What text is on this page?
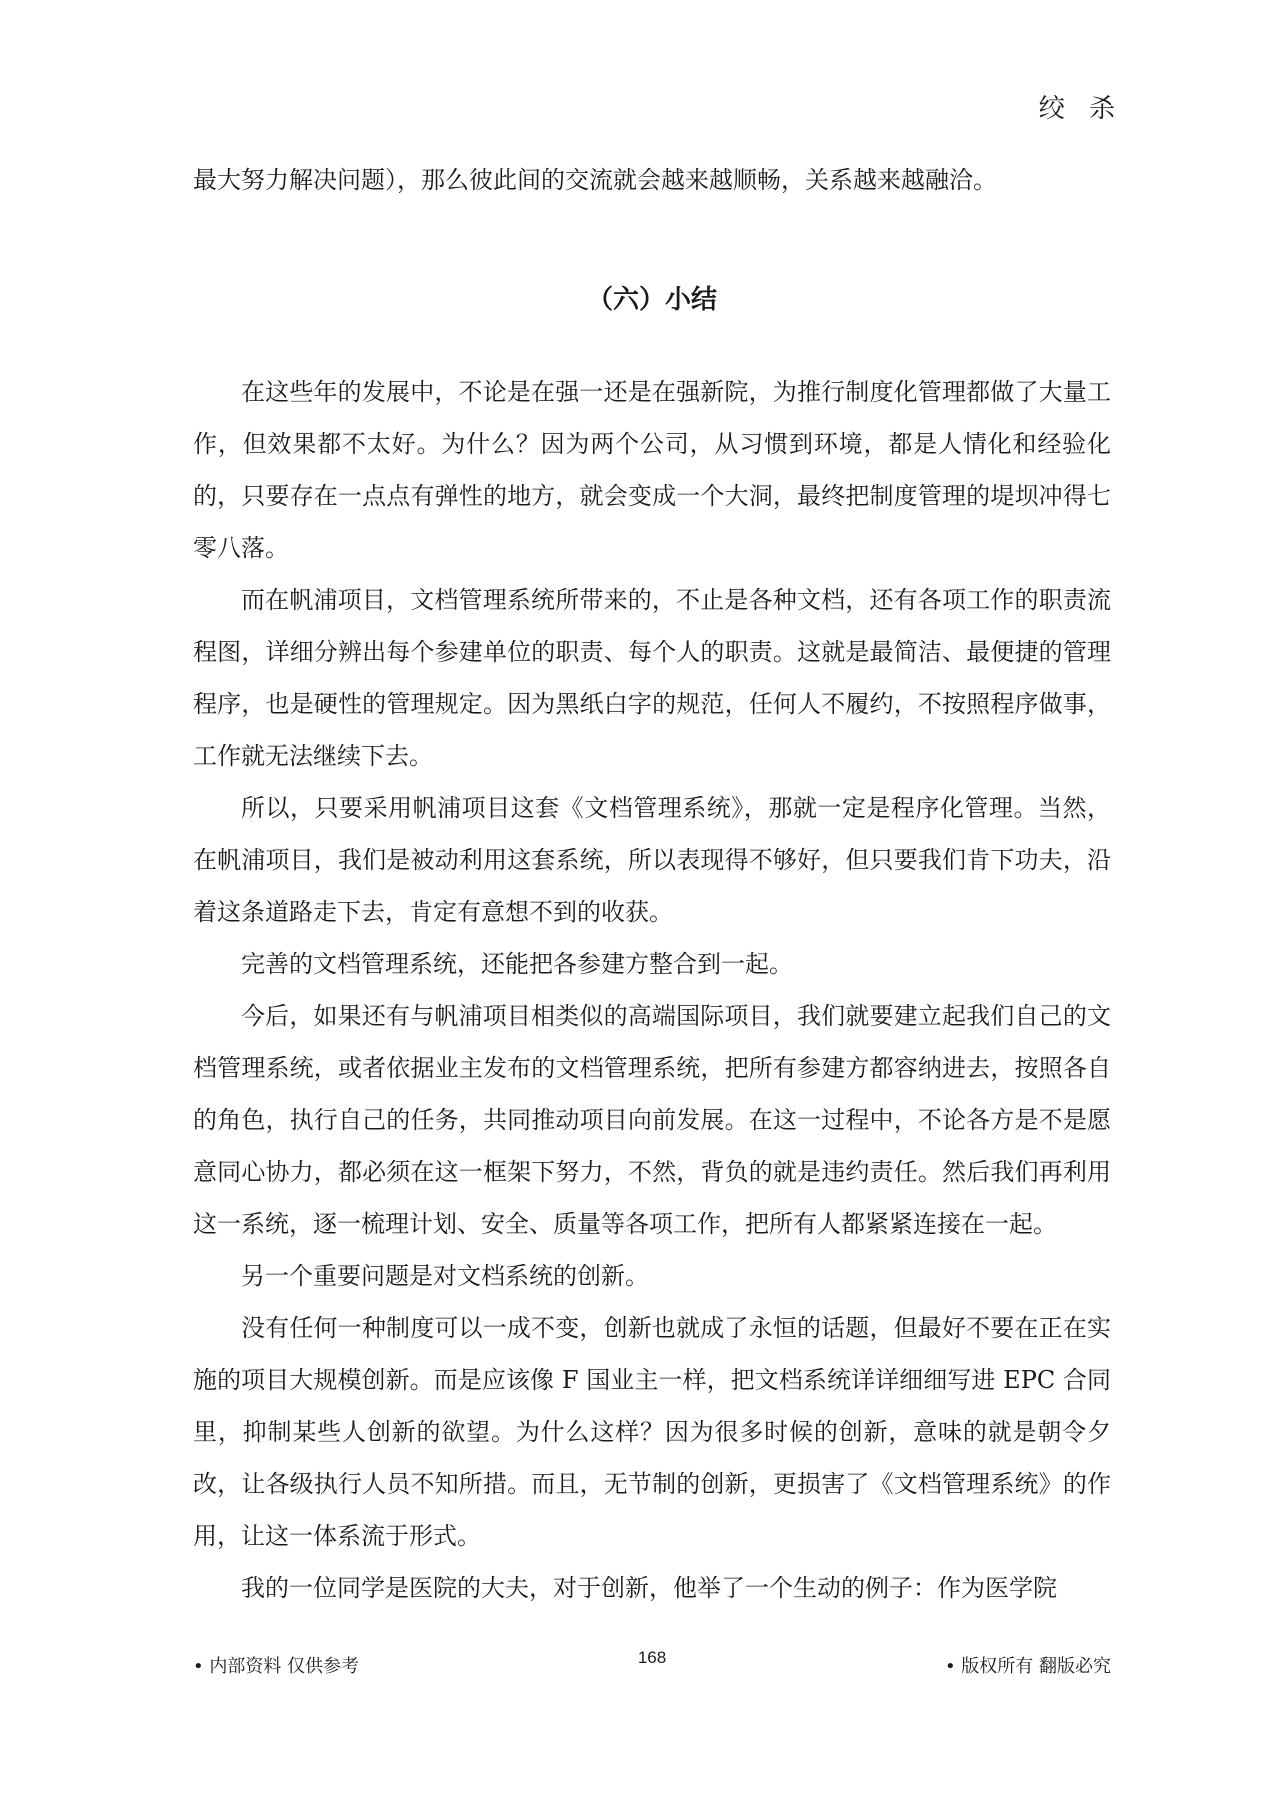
绞 杀

最大努力解决问题），那么彼此间的交流就会越来越顺畅，关系越来越融洽。

（六）小结

在这些年的发展中，不论是在强一还是在强新院，为推行制度化管理都做了大量工作，但效果都不太好。为什么？因为两个公司，从习惯到环境，都是人情化和经验化的，只要存在一点点有弹性的地方，就会变成一个大洞，最终把制度管理的堤坝冲得七零八落。

而在帆浦项目，文档管理系统所带来的，不止是各种文档，还有各项工作的职责流程图，详细分辨出每个参建单位的职责、每个人的职责。这就是最简洁、最便捷的管理程序，也是硬性的管理规定。因为黑纸白字的规范，任何人不履约，不按照程序做事，工作就无法继续下去。

所以，只要采用帆浦项目这套《文档管理系统》，那就一定是程序化管理。当然，在帆浦项目，我们是被动利用这套系统，所以表现得不够好，但只要我们肯下功夫，沿着这条道路走下去，肯定有意想不到的收获。

完善的文档管理系统，还能把各参建方整合到一起。

今后，如果还有与帆浦项目相类似的高端国际项目，我们就要建立起我们自己的文档管理系统，或者依据业主发布的文档管理系统，把所有参建方都容纳进去，按照各自的角色，执行自己的任务，共同推动项目向前发展。在这一过程中，不论各方是不是愿意同心协力，都必须在这一框架下努力，不然，背负的就是违约责任。然后我们再利用这一系统，逐一梳理计划、安全、质量等各项工作，把所有人都紧紧连接在一起。

另一个重要问题是对文档系统的创新。

没有任何一种制度可以一成不变，创新也就成了永恒的话题，但最好不要在正在实施的项目大规模创新。而是应该像 F 国业主一样，把文档系统详详细细写进 EPC 合同里，抑制某些人创新的欲望。为什么这样？因为很多时候的创新，意味的就是朝令夕改，让各级执行人员不知所措。而且，无节制的创新，更损害了《文档管理系统》的作用，让这一体系流于形式。

我的一位同学是医院的大夫，对于创新，他举了一个生动的例子：作为医学院

• 内部资料 仅供参考	168	• 版权所有 翻版必究
